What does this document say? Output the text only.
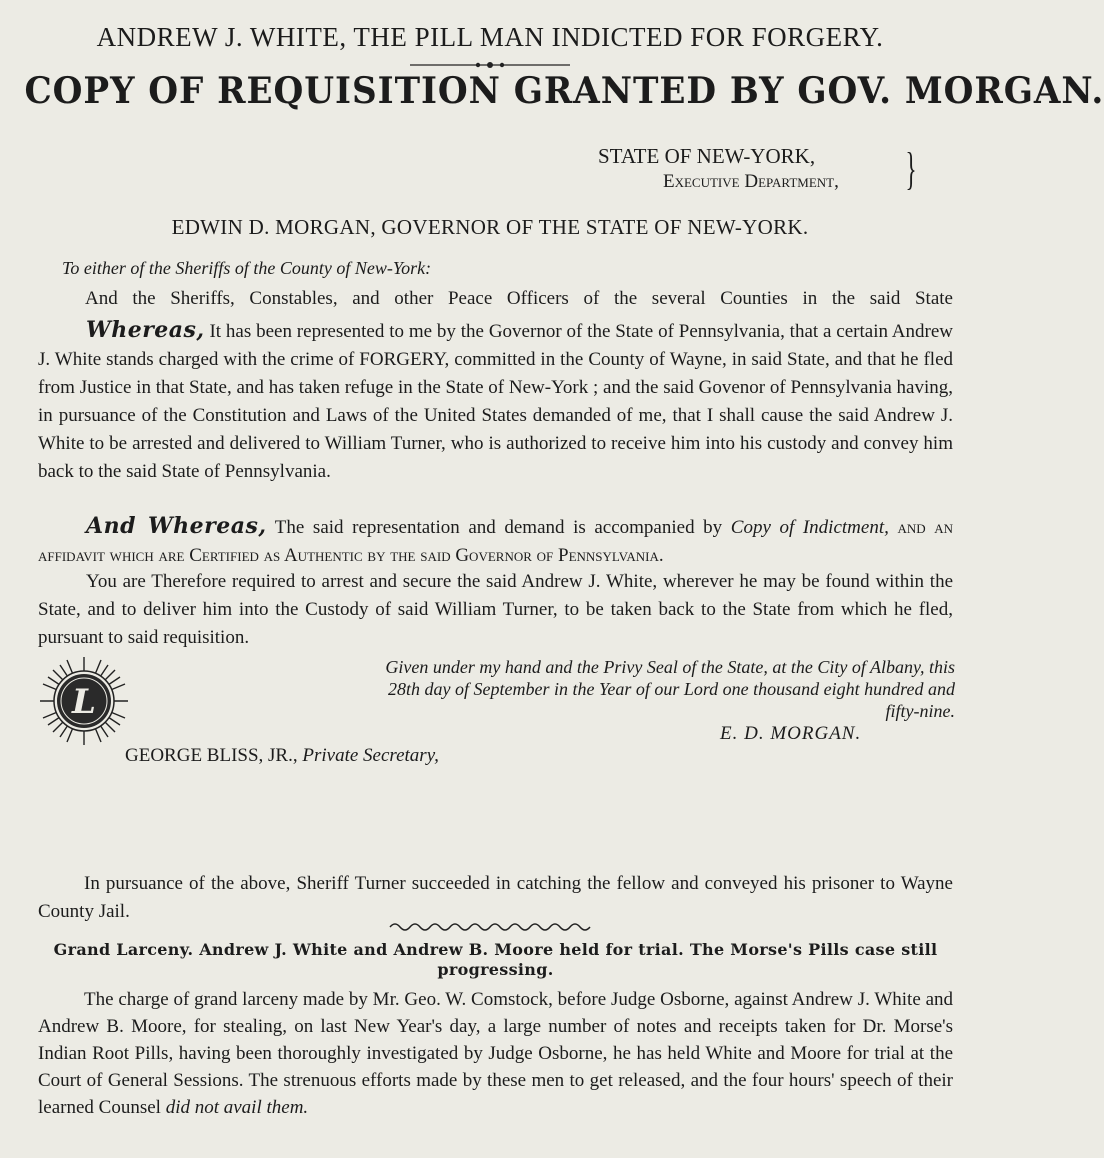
ANDREW J. WHITE, THE PILL MAN INDICTED FOR FORGERY.
COPY OF REQUISITION GRANTED BY GOV. MORGAN.
STATE OF NEW-YORK,
Executive Department, }
EDWIN D. MORGAN, GOVERNOR OF THE STATE OF NEW-YORK.
To either of the Sheriffs of the County of New-York:
And the Sheriffs, Constables, and other Peace Officers of the several Counties in the said State
Whereas, It has been represented to me by the Governor of the State of Pennsylvania, that a certain Andrew J. White stands charged with the crime of FORGERY, committed in the County of Wayne, in said State, and that he fled from Justice in that State, and has taken refuge in the State of New-York ; and the said Govenor of Pennsylvania having, in pursuance of the Constitution and Laws of the United States demanded of me, that I shall cause the said Andrew J. White to be arrested and delivered to William Turner, who is authorized to receive him into his custody and convey him back to the said State of Pennsylvania.
And Whereas, The said representation and demand is accompanied by Copy of Indictment, and an affidavit which are Certified as Authentic by the said Governor of Pennsylvania.
You are Therefore required to arrest and secure the said Andrew J. White, wherever he may be found within the State, and to deliver him into the Custody of said William Turner, to be taken back to the State from which he fled, pursuant to said requisition.
L
Given under my hand and the Privy Seal of the State, at the City of Albany, this 28th day of September in the Year of our Lord one thousand eight hundred and fifty-nine.
E. D. MORGAN.
GEORGE BLISS, JR., Private Secretary,
In pursuance of the above, Sheriff Turner succeeded in catching the fellow and conveyed his prisoner to Wayne County Jail.
Grand Larceny. Andrew J. White and Andrew B. Moore held for trial. The Morse's Pills case still progressing.
The charge of grand larceny made by Mr. Geo. W. Comstock, before Judge Osborne, against Andrew J. White and Andrew B. Moore, for stealing, on last New Year's day, a large number of notes and receipts taken for Dr. Morse's Indian Root Pills, having been thoroughly investigated by Judge Osborne, he has held White and Moore for trial at the Court of General Sessions. The strenuous efforts made by these men to get released, and the four hours' speech of their learned Counsel did not avail them.
